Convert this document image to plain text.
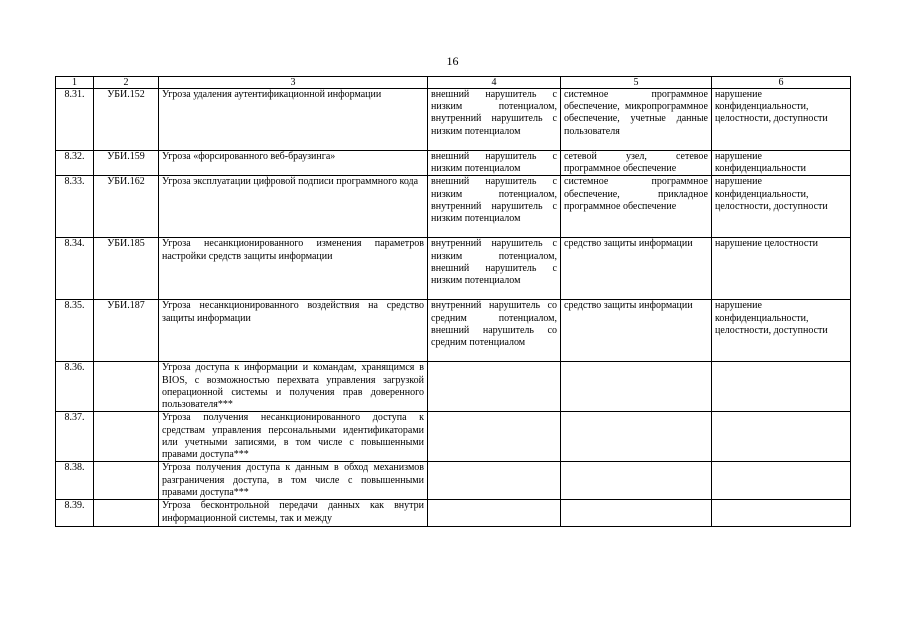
16
1	2	3	4	5	6
8.31.	УБИ.152	Угроза удаления аутентификационной информации	внешний нарушитель с низким потенциалом, внутренний нарушитель с низким потенциалом	системное программное обеспечение, микропрограммное обеспечение, учетные данные пользователя	нарушение конфиденциальности, целостности, доступности
8.32.	УБИ.159	Угроза «форсированного веб-браузинга»	внешний нарушитель с низким потенциалом	сетевой узел, сетевое программное обеспечение	нарушение конфиденциальности
8.33.	УБИ.162	Угроза эксплуатации цифровой подписи программного кода	внешний нарушитель с низким потенциалом, внутренний нарушитель с низким потенциалом	системное программное обеспечение, прикладное программное обеспечение	нарушение конфиденциальности, целостности, доступности
8.34.	УБИ.185	Угроза несанкционированного изменения параметров настройки средств защиты информации	внутренний нарушитель с низким потенциалом, внешний нарушитель с низким потенциалом	средство защиты информации	нарушение целостности
8.35.	УБИ.187	Угроза несанкционированного воздействия на средство защиты информации	внутренний нарушитель со средним потенциалом, внешний нарушитель со средним потенциалом	средство защиты информации	нарушение конфиденциальности, целостности, доступности
8.36.		Угроза доступа к информации и командам, хранящимся в BIOS, с возможностью перехвата управления загрузкой операционной системы и получения прав доверенного пользователя***			
8.37.		Угроза получения несанкционированного доступа к средствам управления персональными идентификаторами или учетными записями, в том числе с повышенными правами доступа***			
8.38.		Угроза получения доступа к данным в обход механизмов разграничения доступа, в том числе с повышенными правами доступа***			
8.39.		Угроза бесконтрольной передачи данных как внутри информационной системы, так и между			
